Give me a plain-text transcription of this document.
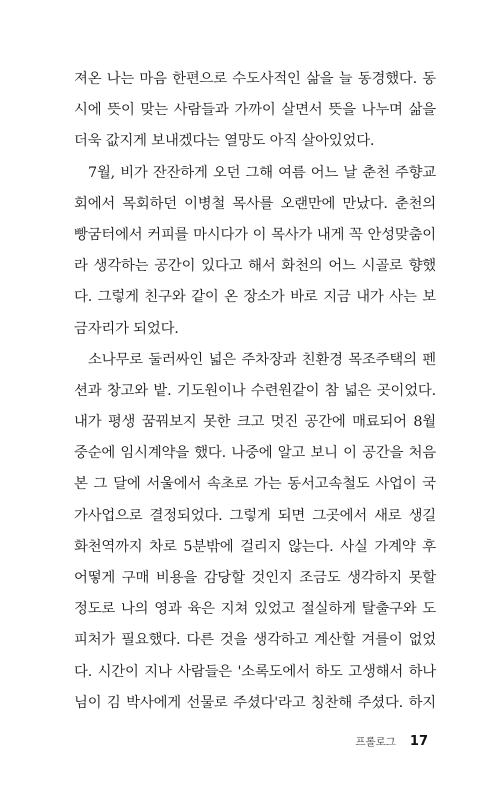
져온 나는 마음 한편으로 수도사적인 삶을 늘 동경했다. 동
시에 뜻이 맞는 사람들과 가까이 살면서 뜻을 나누며 삶을
더욱 값지게 보내겠다는 열망도 아직 살아있었다.
7월, 비가 잔잔하게 오던 그해 여름 어느 날 춘천 주향교
회에서 목회하던 이병철 목사를 오랜만에 만났다. 춘천의
빵굼터에서 커피를 마시다가 이 목사가 내게 꼭 안성맞춤이
라 생각하는 공간이 있다고 해서 화천의 어느 시골로 향했
다. 그렇게 친구와 같이 온 장소가 바로 지금 내가 사는 보
금자리가 되었다.
소나무로 둘러싸인 넓은 주차장과 친환경 목조주택의 펜
션과 창고와 밭. 기도원이나 수련원같이 참 넓은 곳이었다.
내가 평생 꿈꿔보지 못한 크고 멋진 공간에 매료되어 8월
중순에 임시계약을 했다. 나중에 알고 보니 이 공간을 처음
본 그 달에 서울에서 속초로 가는 동서고속철도 사업이 국
가사업으로 결정되었다. 그렇게 되면 그곳에서 새로 생길
화천역까지 차로 5분밖에 걸리지 않는다. 사실 가계약 후
어떻게 구매 비용을 감당할 것인지 조금도 생각하지 못할
정도로 나의 영과 육은 지쳐 있었고 절실하게 탈출구와 도
피처가 필요했다. 다른 것을 생각하고 계산할 겨를이 없었
다. 시간이 지나 사람들은 '소록도에서 하도 고생해서 하나
님이 김 박사에게 선물로 주셨다'라고 칭찬해 주셨다. 하지
프롤로그 17
